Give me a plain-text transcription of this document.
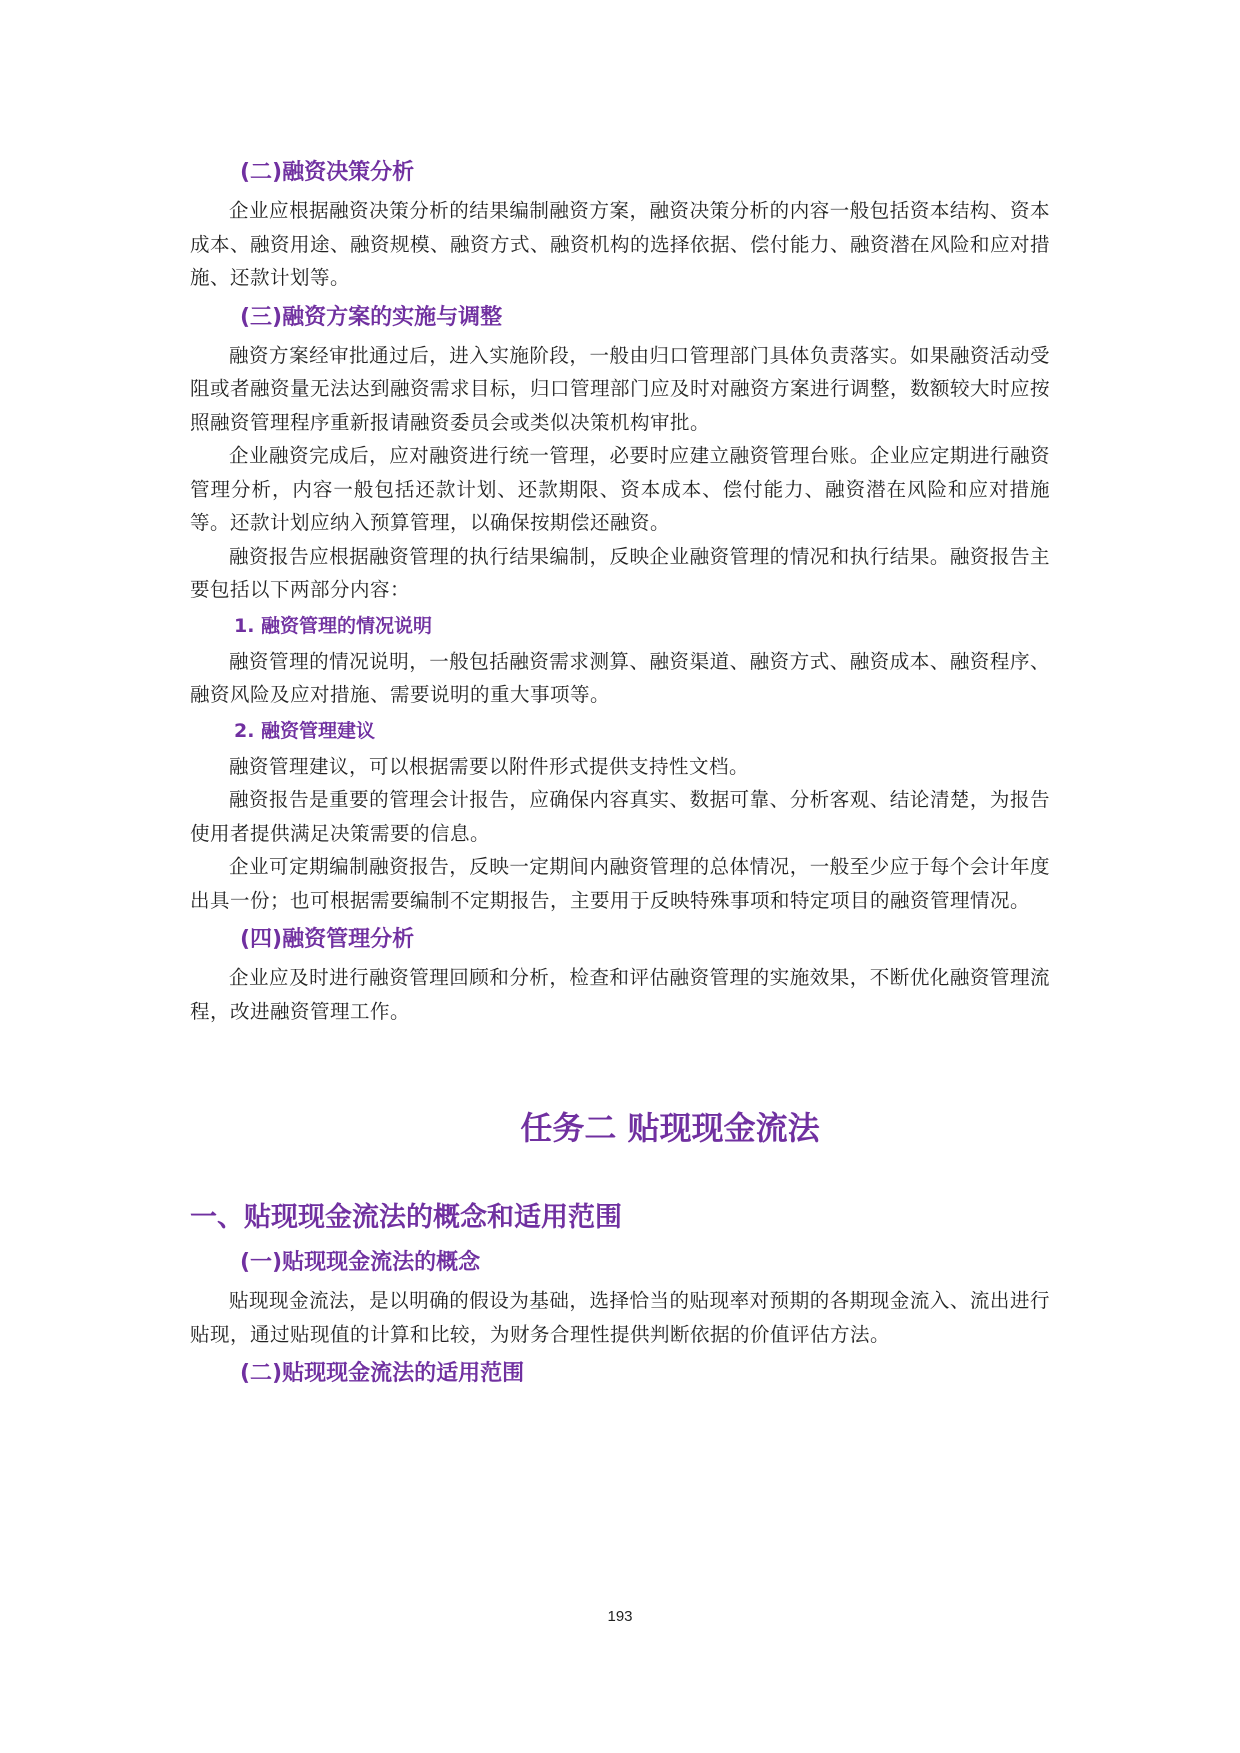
(二)融资决策分析
企业应根据融资决策分析的结果编制融资方案，融资决策分析的内容一般包括资本结构、资本成本、融资用途、融资规模、融资方式、融资机构的选择依据、偿付能力、融资潜在风险和应对措施、还款计划等。
(三)融资方案的实施与调整
融资方案经审批通过后，进入实施阶段，一般由归口管理部门具体负责落实。如果融资活动受阻或者融资量无法达到融资需求目标，归口管理部门应及时对融资方案进行调整，数额较大时应按照融资管理程序重新报请融资委员会或类似决策机构审批。
企业融资完成后，应对融资进行统一管理，必要时应建立融资管理台账。企业应定期进行融资管理分析，内容一般包括还款计划、还款期限、资本成本、偿付能力、融资潜在风险和应对措施等。还款计划应纳入预算管理，以确保按期偿还融资。
融资报告应根据融资管理的执行结果编制，反映企业融资管理的情况和执行结果。融资报告主要包括以下两部分内容：
1. 融资管理的情况说明
融资管理的情况说明，一般包括融资需求测算、融资渠道、融资方式、融资成本、融资程序、融资风险及应对措施、需要说明的重大事项等。
2. 融资管理建议
融资管理建议，可以根据需要以附件形式提供支持性文档。
融资报告是重要的管理会计报告，应确保内容真实、数据可靠、分析客观、结论清楚，为报告使用者提供满足决策需要的信息。
企业可定期编制融资报告，反映一定期间内融资管理的总体情况，一般至少应于每个会计年度出具一份；也可根据需要编制不定期报告，主要用于反映特殊事项和特定项目的融资管理情况。
(四)融资管理分析
企业应及时进行融资管理回顾和分析，检查和评估融资管理的实施效果，不断优化融资管理流程，改进融资管理工作。
任务二 贴现现金流法
一、贴现现金流法的概念和适用范围
(一)贴现现金流法的概念
贴现现金流法，是以明确的假设为基础，选择恰当的贴现率对预期的各期现金流入、流出进行贴现，通过贴现值的计算和比较，为财务合理性提供判断依据的价值评估方法。
(二)贴现现金流法的适用范围
193
